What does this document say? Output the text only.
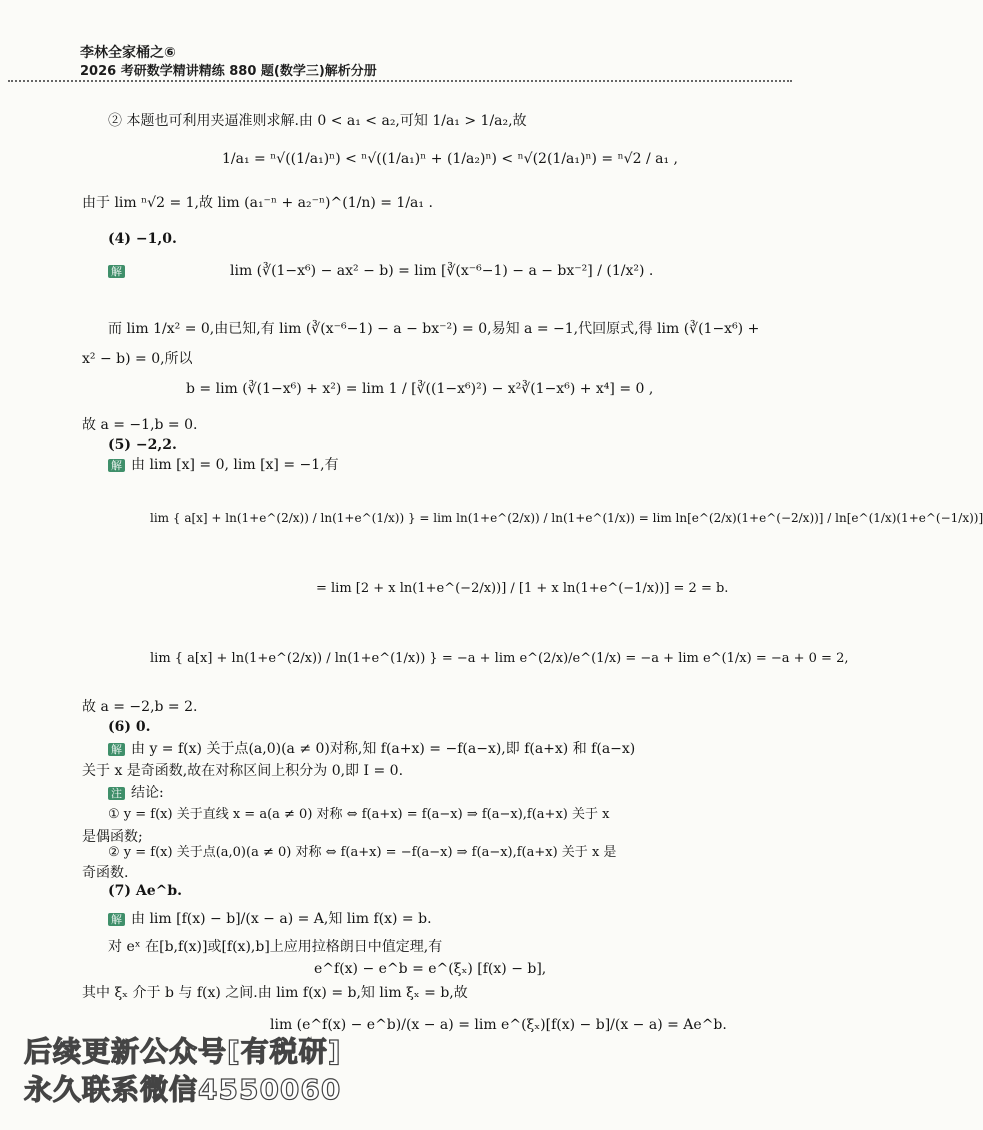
李林全家桶之⑥
2026 考研数学精讲精练 880 题(数学三)解析分册
② 本题也可利用夹逼准则求解.由 0 < a₁ < a₂,可知 1/a₁ > 1/a₂,故
1/a₁ = ⁿ√((1/a₁)ⁿ) < ⁿ√((1/a₁)ⁿ + (1/a₂)ⁿ) < ⁿ√(2(1/a₁)ⁿ) = ⁿ√2 / a₁ ,
由于 lim ⁿ√2 = 1,故 lim (a₁⁻ⁿ + a₂⁻ⁿ)^(1/n) = 1/a₁ .
(4) −1,0.
解	lim (∛(1−x⁶) − ax² − b) = lim [∛(x⁻⁶−1) − a − bx⁻²] / (1/x²) .
而 lim 1/x² = 0,由已知,有 lim (∛(x⁻⁶−1) − a − bx⁻²) = 0,易知 a = −1,代回原式,得 lim (∛(1−x⁶) +
x² − b) = 0,所以
b = lim (∛(1−x⁶) + x²) = lim 1 / [∛((1−x⁶)²) − x²∛(1−x⁶) + x⁴] = 0 ,
故 a = −1,b = 0.
(5) −2,2.
解 由 lim [x] = 0, lim [x] = −1,有
lim { a[x] + ln(1+e^(2/x)) / ln(1+e^(1/x)) } = lim ln(1+e^(2/x)) / ln(1+e^(1/x)) = lim ln[e^(2/x)(1+e^(−2/x))] / ln[e^(1/x)(1+e^(−1/x))]
= lim [2 + x ln(1+e^(−2/x))] / [1 + x ln(1+e^(−1/x))] = 2 = b.
lim { a[x] + ln(1+e^(2/x)) / ln(1+e^(1/x)) } = −a + lim e^(2/x)/e^(1/x) = −a + lim e^(1/x) = −a + 0 = 2,
故 a = −2,b = 2.
(6) 0.
解 由 y = f(x) 关于点(a,0)(a ≠ 0)对称,知 f(a+x) = −f(a−x),即 f(a+x) 和 f(a−x)
关于 x 是奇函数,故在对称区间上积分为 0,即 I = 0.
注 结论:
① y = f(x) 关于直线 x = a(a ≠ 0) 对称 ⇔ f(a+x) = f(a−x) ⇒ f(a−x),f(a+x) 关于 x
是偶函数;
② y = f(x) 关于点(a,0)(a ≠ 0) 对称 ⇔ f(a+x) = −f(a−x) ⇒ f(a−x),f(a+x) 关于 x 是
奇函数.
(7) Ae^b.
解 由 lim [f(x) − b]/(x − a) = A,知 lim f(x) = b.
对 eˣ 在[b,f(x)]或[f(x),b]上应用拉格朗日中值定理,有
e^f(x) − e^b = e^(ξₓ) [f(x) − b],
其中 ξₓ 介于 b 与 f(x) 之间.由 lim f(x) = b,知 lim ξₓ = b,故
lim (e^f(x) − e^b)/(x − a) = lim e^(ξₓ)[f(x) − b]/(x − a) = Ae^b.
后续更新公众号[有税研]
永久联系微信4550060
